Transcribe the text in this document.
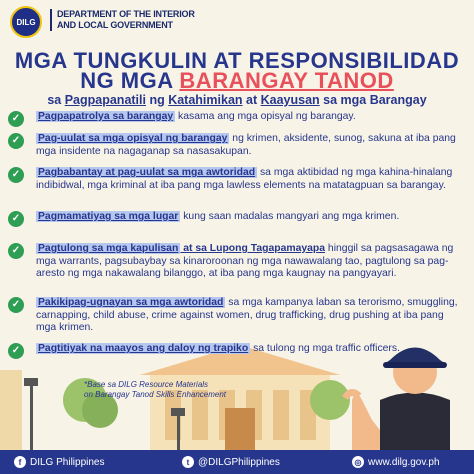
DILG
DEPARTMENT OF THE INTERIOR
AND LOCAL GOVERNMENT
MGA TUNGKULIN AT RESPONSIBILIDAD
NG MGA BARANGAY TANOD
sa Pagpapanatili ng Katahimikan at Kaayusan sa mga Barangay
✓	Pagpapatrolya sa barangay kasama ang mga opisyal ng barangay.
✓	Pag-uulat sa mga opisyal ng barangay ng krimen, aksidente, sunog, sakuna at iba pang mga insidente na nagaganap sa nasasakupan.
✓	Pagbabantay at pag-uulat sa mga awtoridad sa mga aktibidad ng mga kahina-hinalang indibidwal, mga kriminal at iba pang mga lawless elements na matatagpuan sa barangay.
✓	Pagmamatiyag sa mga lugar kung saan madalas mangyari ang mga krimen.
✓	Pagtulong sa mga kapulisan at sa Lupong Tagapamayapa hinggil sa pagsasagawa ng mga warrants, pagsubaybay sa kinaroroonan ng mga nawawalang tao, pagtulong sa pag-aresto ng mga nakawalang bilanggo, at iba pang mga kaugnay na pangyayari.
✓	Pakikipag-ugnayan sa mga awtoridad sa mga kampanya laban sa terorismo, smuggling, carnapping, child abuse, crime against women, drug trafficking, drug pushing at iba pang mga krimen.
✓	Pagtitiyak na maayos ang daloy ng trapiko sa tulong ng mga traffic officers.
*Base sa DILG Resource Materials
on Barangay Tanod Skills Enhancement
f DILG Philippines	t @DILGPhilippines	◎ www.dilg.gov.ph
